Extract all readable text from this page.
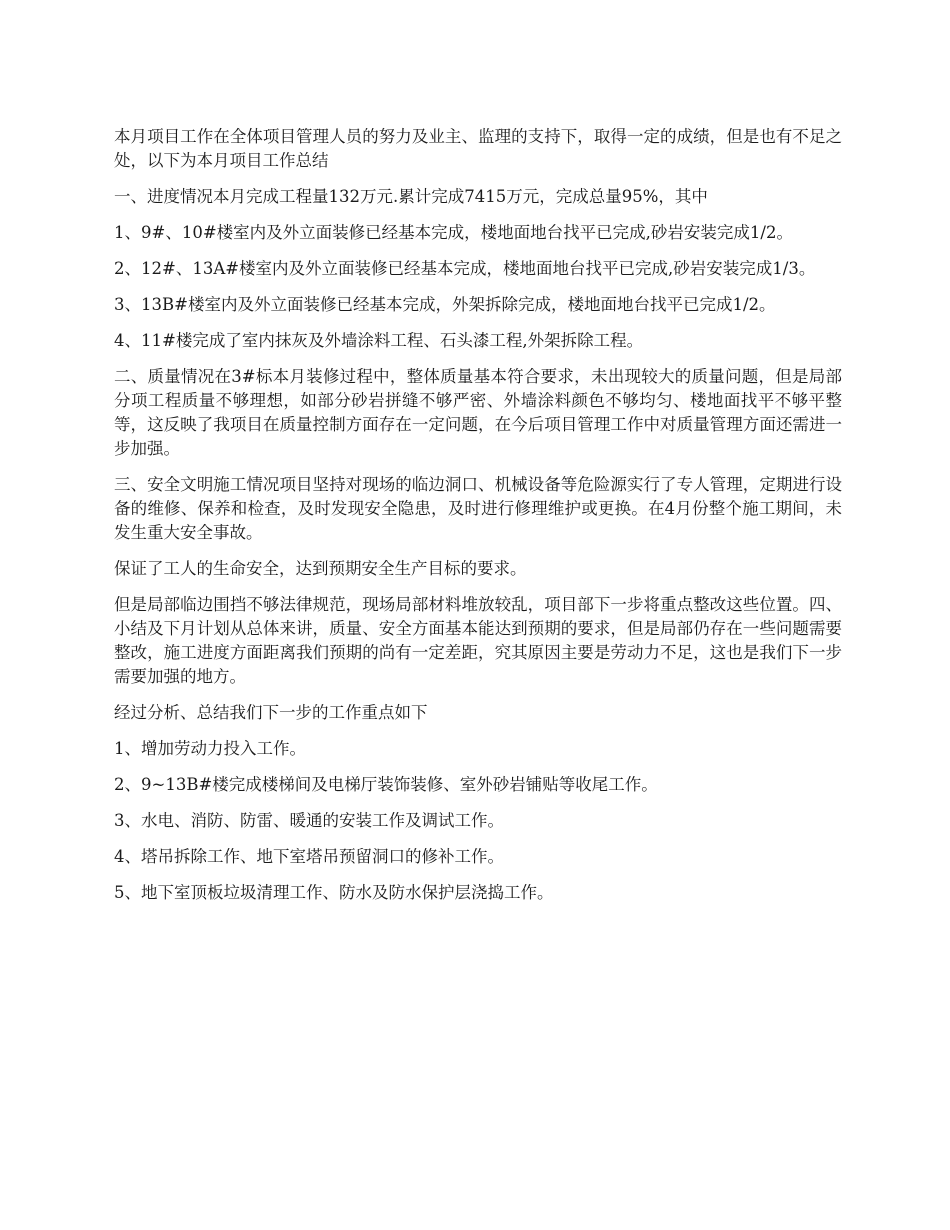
本月项目工作在全体项目管理人员的努力及业主、监理的支持下，取得一定的成绩，但是也有不足之处，以下为本月项目工作总结

一、进度情况本月完成工程量132万元.累计完成7415万元，完成总量95%，其中

1、9#、10#楼室内及外立面装修已经基本完成，楼地面地台找平已完成,砂岩安装完成1/2。

2、12#、13A#楼室内及外立面装修已经基本完成，楼地面地台找平已完成,砂岩安装完成1/3。

3、13B#楼室内及外立面装修已经基本完成，外架拆除完成，楼地面地台找平已完成1/2。

4、11#楼完成了室内抹灰及外墙涂料工程、石头漆工程,外架拆除工程。

二、质量情况在3#标本月装修过程中，整体质量基本符合要求，未出现较大的质量问题，但是局部分项工程质量不够理想，如部分砂岩拼缝不够严密、外墙涂料颜色不够均匀、楼地面找平不够平整等，这反映了我项目在质量控制方面存在一定问题，在今后项目管理工作中对质量管理方面还需进一步加强。

三、安全文明施工情况项目坚持对现场的临边洞口、机械设备等危险源实行了专人管理，定期进行设备的维修、保养和检查，及时发现安全隐患，及时进行修理维护或更换。在4月份整个施工期间，未发生重大安全事故。

保证了工人的生命安全，达到预期安全生产目标的要求。

但是局部临边围挡不够法律规范，现场局部材料堆放较乱，项目部下一步将重点整改这些位置。四、小结及下月计划从总体来讲，质量、安全方面基本能达到预期的要求，但是局部仍存在一些问题需要整改，施工进度方面距离我们预期的尚有一定差距，究其原因主要是劳动力不足，这也是我们下一步需要加强的地方。

经过分析、总结我们下一步的工作重点如下

1、增加劳动力投入工作。

2、9~13B#楼完成楼梯间及电梯厅装饰装修、室外砂岩铺贴等收尾工作。

3、水电、消防、防雷、暖通的安装工作及调试工作。

4、塔吊拆除工作、地下室塔吊预留洞口的修补工作。

5、地下室顶板垃圾清理工作、防水及防水保护层浇捣工作。
